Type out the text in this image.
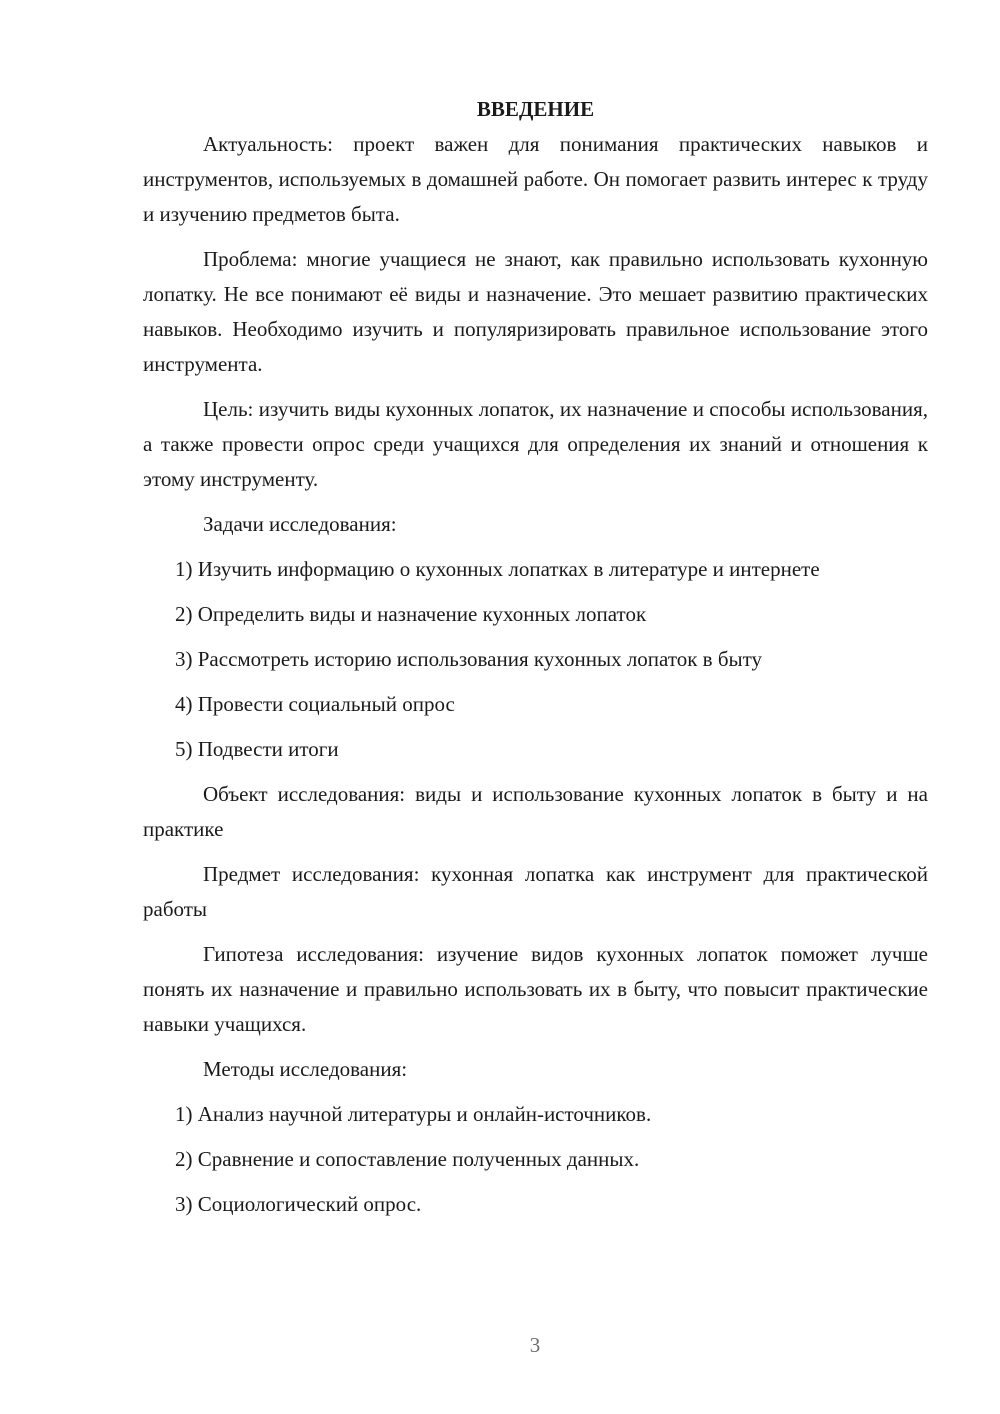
ВВЕДЕНИЕ

Актуальность: проект важен для понимания практических навыков и инструментов, используемых в домашней работе. Он помогает развить интерес к труду и изучению предметов быта.

Проблема: многие учащиеся не знают, как правильно использовать кухонную лопатку. Не все понимают её виды и назначение. Это мешает развитию практических навыков. Необходимо изучить и популяризировать правильное использование этого инструмента.

Цель: изучить виды кухонных лопаток, их назначение и способы использования, а также провести опрос среди учащихся для определения их знаний и отношения к этому инструменту.

Задачи исследования:

1) Изучить информацию о кухонных лопатках в литературе и интернете

2) Определить виды и назначение кухонных лопаток

3) Рассмотреть историю использования кухонных лопаток в быту

4) Провести социальный опрос

5) Подвести итоги

Объект исследования: виды и использование кухонных лопаток в быту и на практике

Предмет исследования: кухонная лопатка как инструмент для практической работы

Гипотеза исследования: изучение видов кухонных лопаток поможет лучше понять их назначение и правильно использовать их в быту, что повысит практические навыки учащихся.

Методы исследования:

1) Анализ научной литературы и онлайн-источников.

2) Сравнение и сопоставление полученных данных.

3) Социологический опрос.

3
